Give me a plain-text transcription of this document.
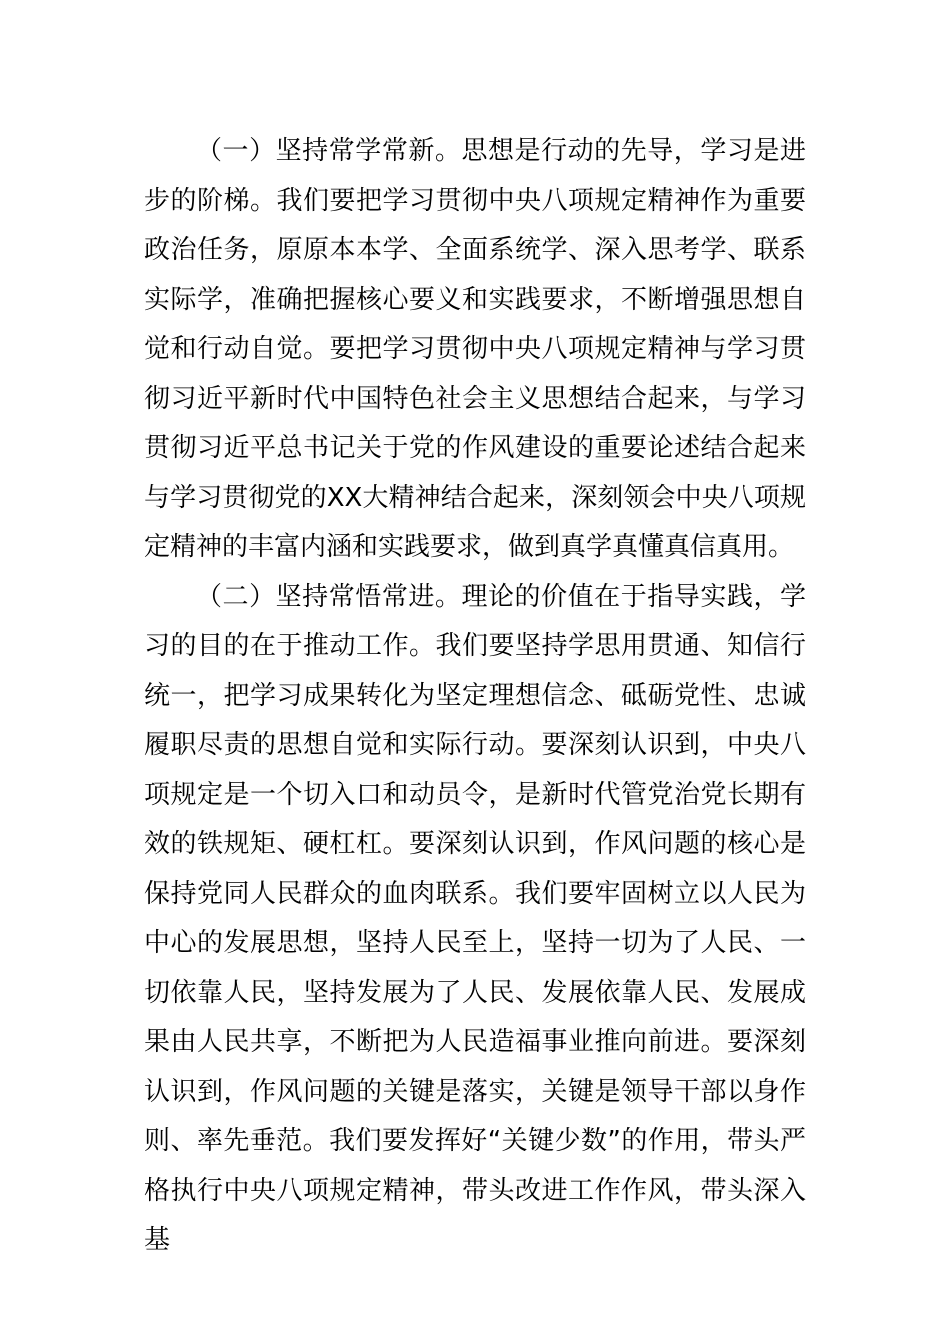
（一）坚持常学常新。思想是行动的先导，学习是进步的阶梯。我们要把学习贯彻中央八项规定精神作为重要政治任务，原原本本学、全面系统学、深入思考学、联系实际学，准确把握核心要义和实践要求，不断增强思想自觉和行动自觉。要把学习贯彻中央八项规定精神与学习贯彻习近平新时代中国特色社会主义思想结合起来，与学习贯彻习近平总书记关于党的作风建设的重要论述结合起来与学习贯彻党的XX大精神结合起来，深刻领会中央八项规定精神的丰富内涵和实践要求，做到真学真懂真信真用。

（二）坚持常悟常进。理论的价值在于指导实践，学习的目的在于推动工作。我们要坚持学思用贯通、知信行统一，把学习成果转化为坚定理想信念、砥砺党性、忠诚履职尽责的思想自觉和实际行动。要深刻认识到，中央八项规定是一个切入口和动员令，是新时代管党治党长期有效的铁规矩、硬杠杠。要深刻认识到，作风问题的核心是保持党同人民群众的血肉联系。我们要牢固树立以人民为中心的发展思想，坚持人民至上，坚持一切为了人民、一切依靠人民，坚持发展为了人民、发展依靠人民、发展成果由人民共享，不断把为人民造福事业推向前进。要深刻认识到，作风问题的关键是落实，关键是领导干部以身作则、率先垂范。我们要发挥好“关键少数”的作用，带头严格执行中央八项规定精神，带头改进工作作风，带头深入基
